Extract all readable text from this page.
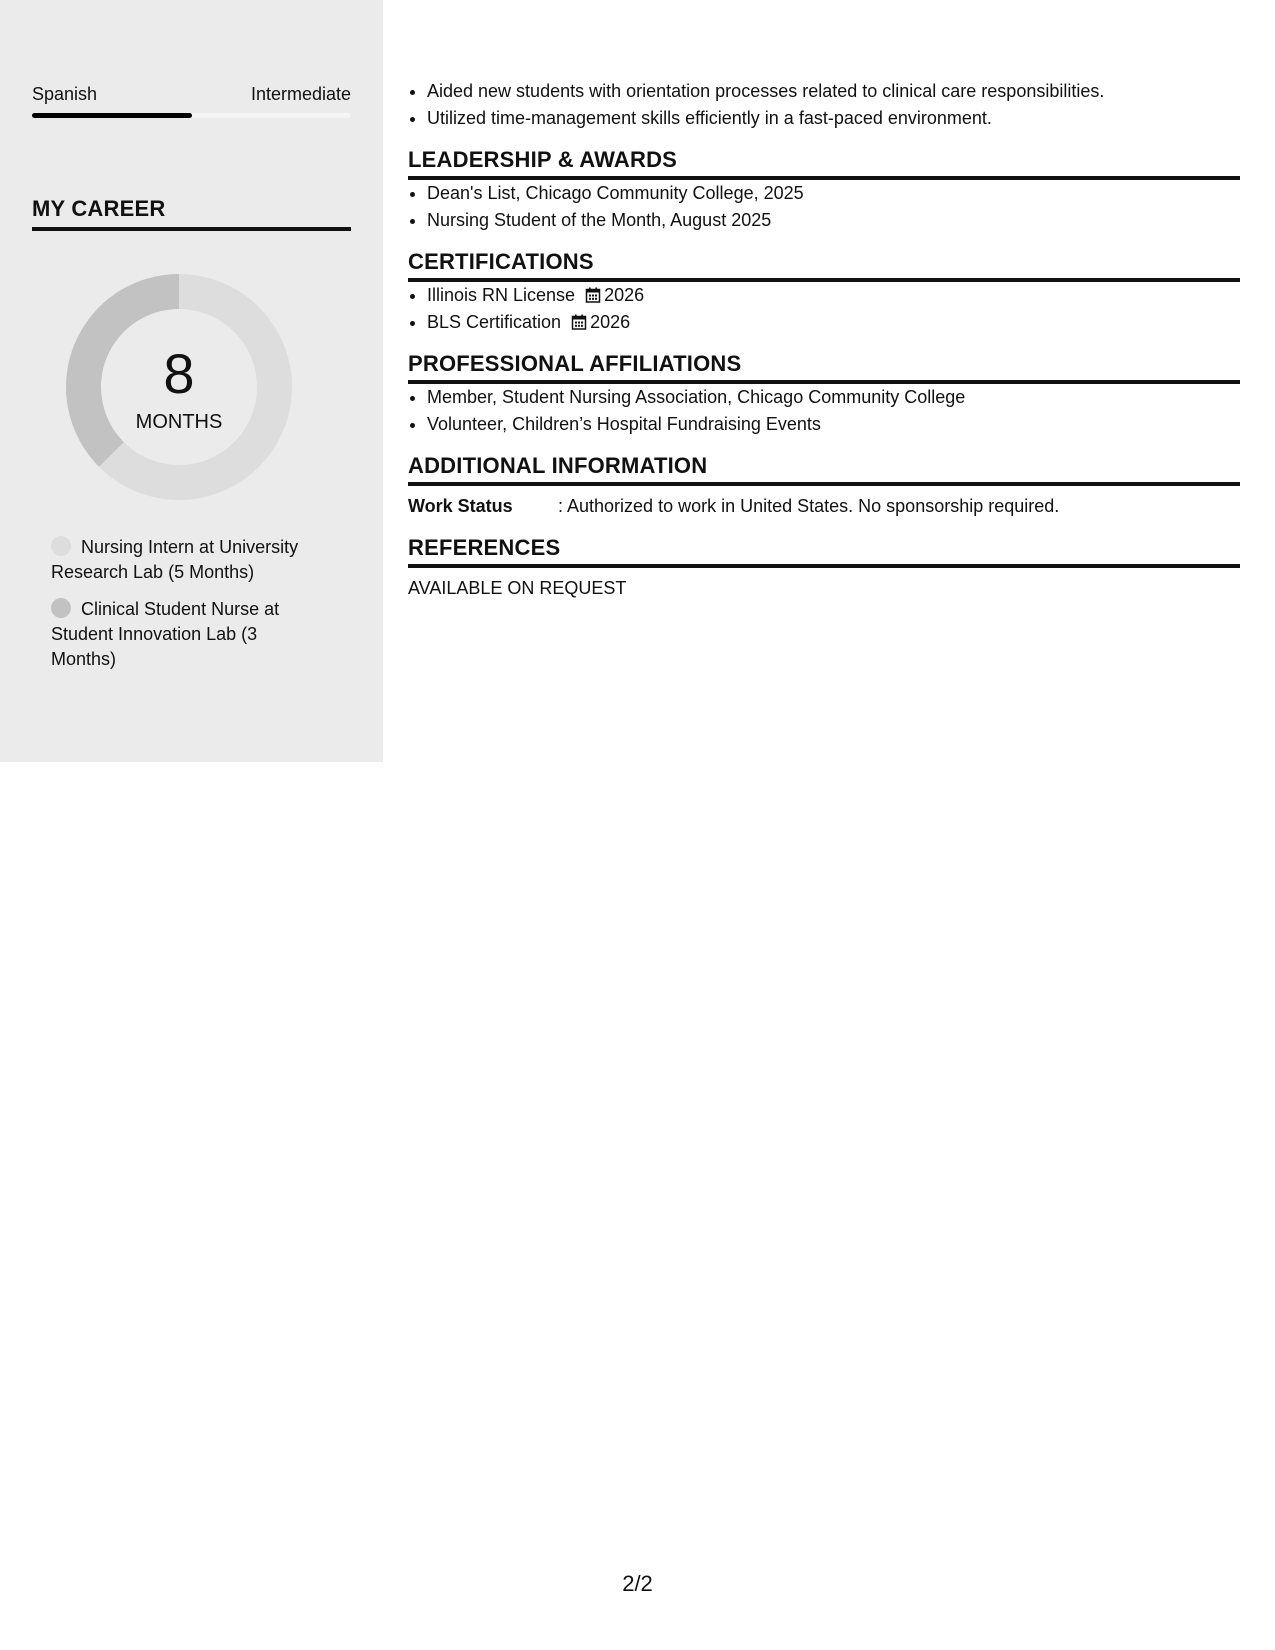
Spanish	Intermediate
MY CAREER
8
MONTHS
Nursing Intern at University Research Lab (5 Months)
Clinical Student Nurse at Student Innovation Lab (3 Months)
• Aided new students with orientation processes related to clinical care responsibilities.
• Utilized time-management skills efficiently in a fast-paced environment.
LEADERSHIP & AWARDS
• Dean's List, Chicago Community College, 2025
• Nursing Student of the Month, August 2025
CERTIFICATIONS
• Illinois RN License 2026
• BLS Certification 2026
PROFESSIONAL AFFILIATIONS
• Member, Student Nursing Association, Chicago Community College
• Volunteer, Children’s Hospital Fundraising Events
ADDITIONAL INFORMATION
Work Status	: Authorized to work in United States. No sponsorship required.
REFERENCES
AVAILABLE ON REQUEST
2/2
